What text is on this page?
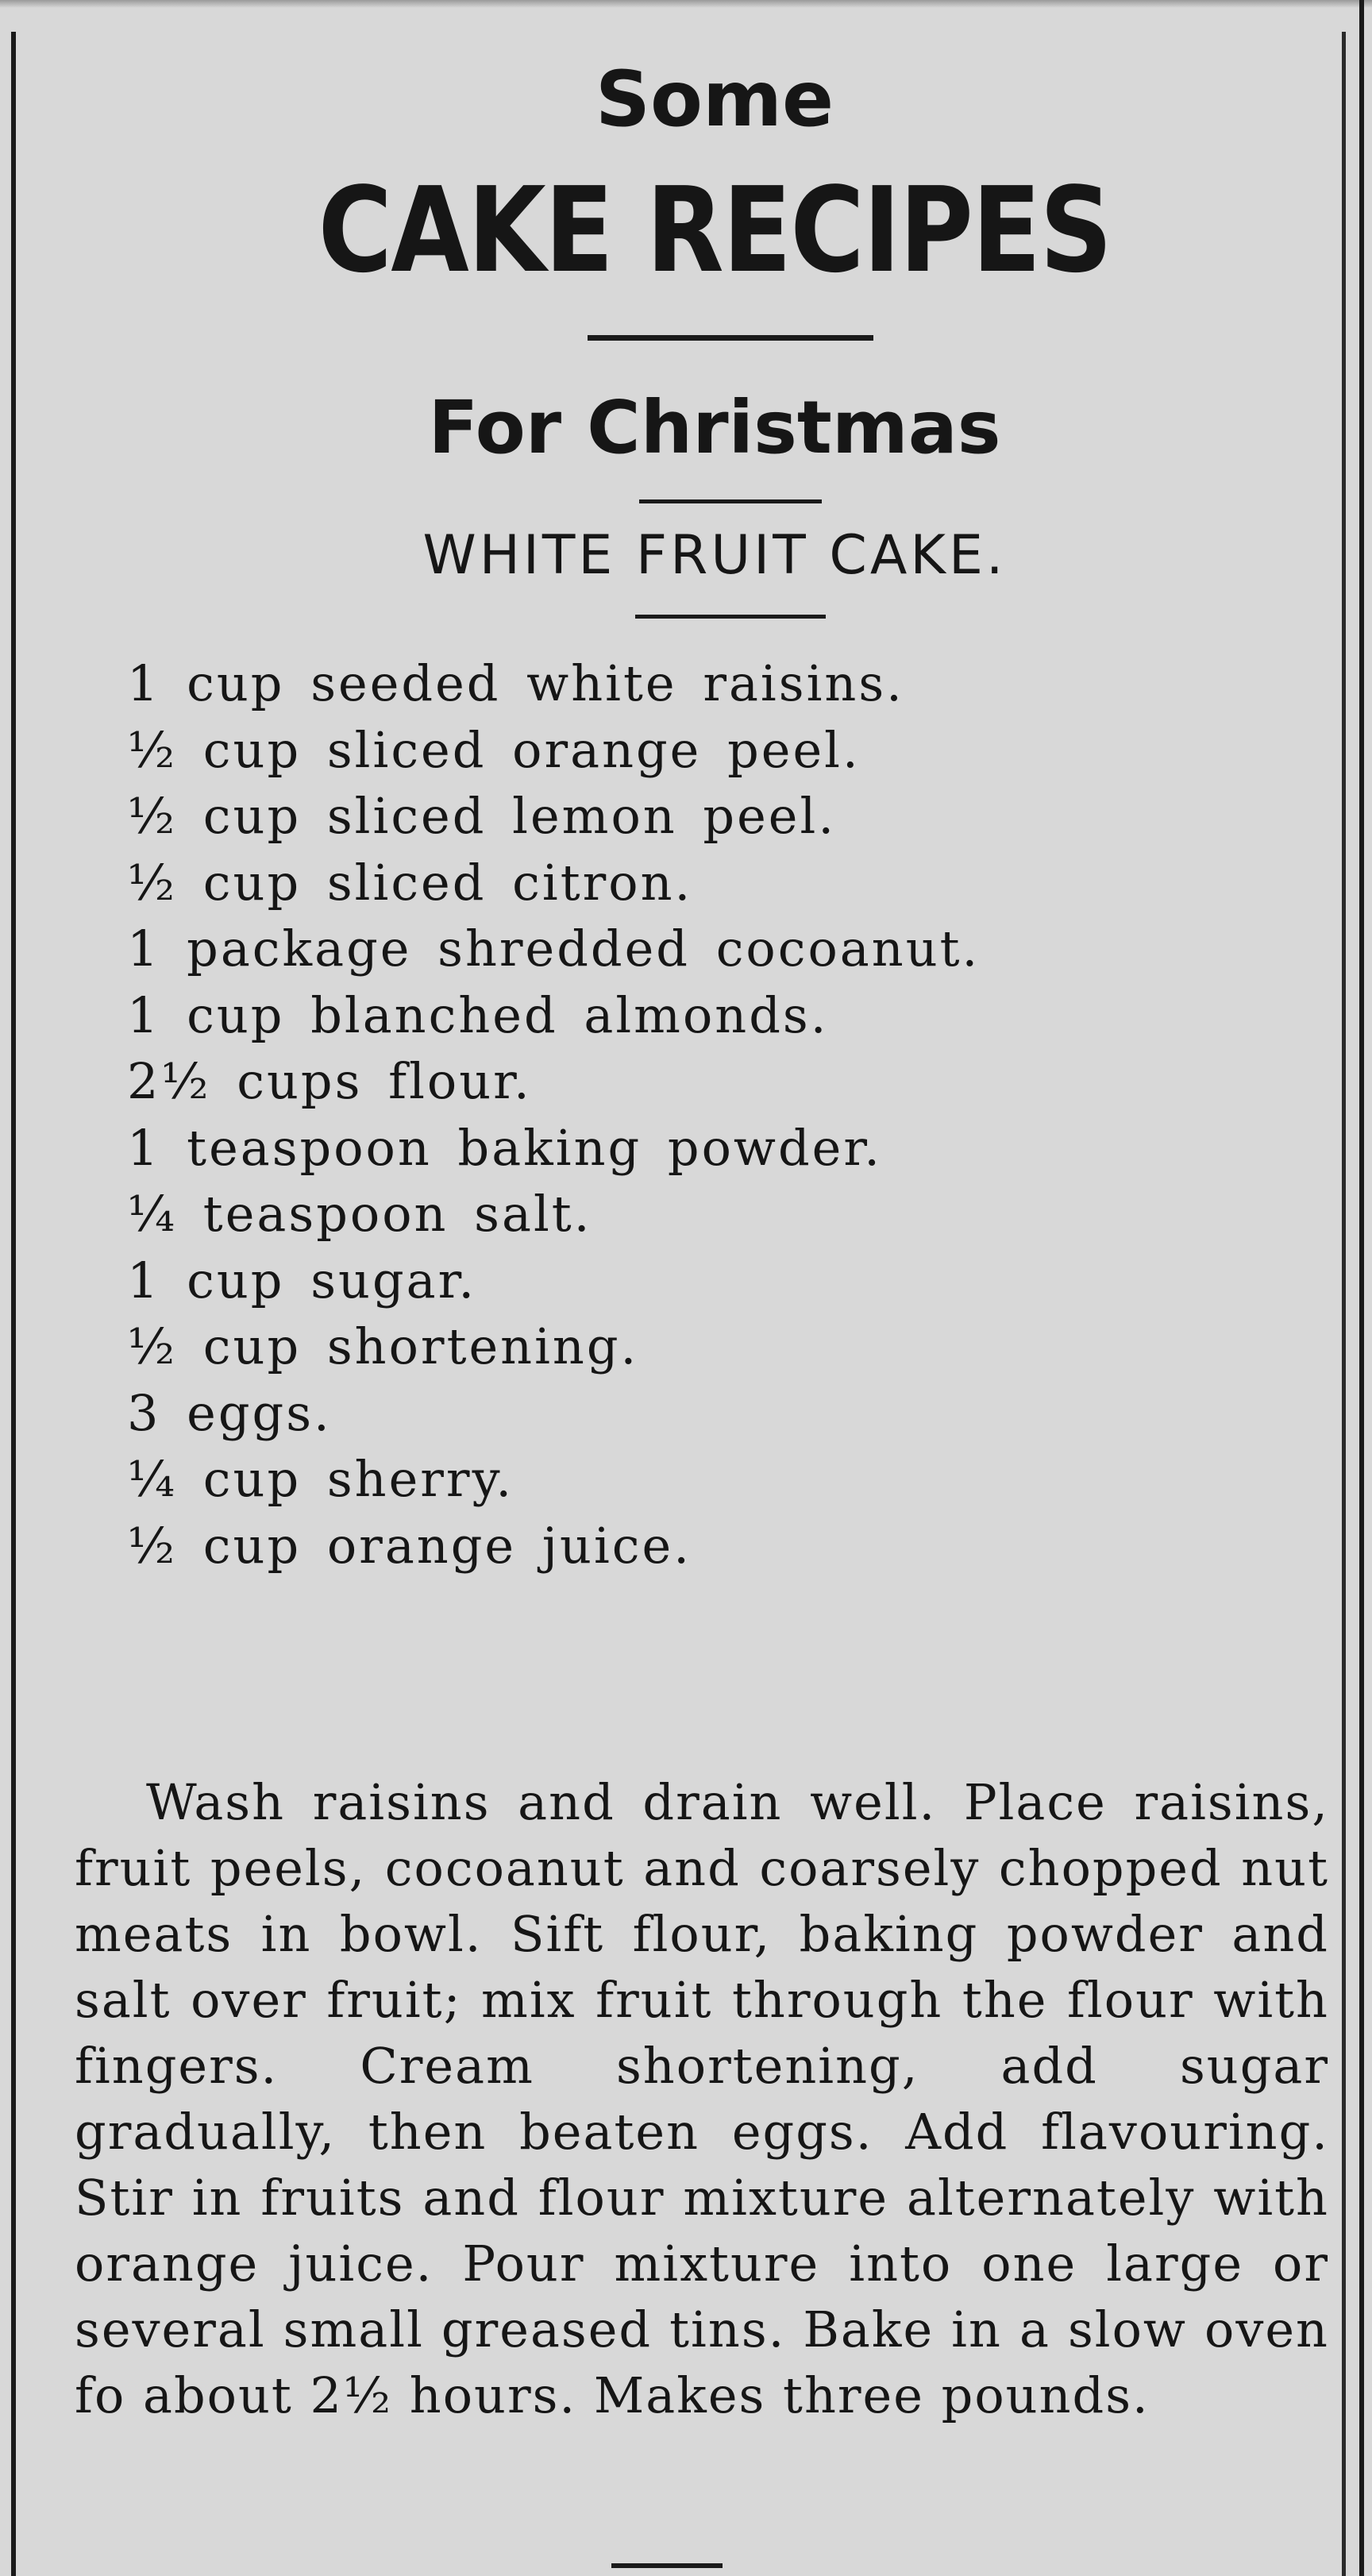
Some
CAKE RECIPES
For Christmas
WHITE FRUIT CAKE.
1 cup seeded white raisins.
½ cup sliced orange peel.
½ cup sliced lemon peel.
½ cup sliced citron.
1 package shredded cocoanut.
1 cup blanched almonds.
2½ cups flour.
1 teaspoon baking powder.
¼ teaspoon salt.
1 cup sugar.
½ cup shortening.
3 eggs.
¼ cup sherry.
½ cup orange juice.

Wash raisins and drain well. Place raisins, fruit peels, cocoanut and coarsely chopped nut meats in bowl. Sift flour, baking powder and salt over fruit; mix fruit through the flour with fingers. Cream shortening, add sugar gradually, then beaten eggs. Add flavouring. Stir in fruits and flour mixture alternately with orange juice. Pour mixture into one large or several small greased tins. Bake in a slow oven fo about 2½ hours. Makes three pounds.
